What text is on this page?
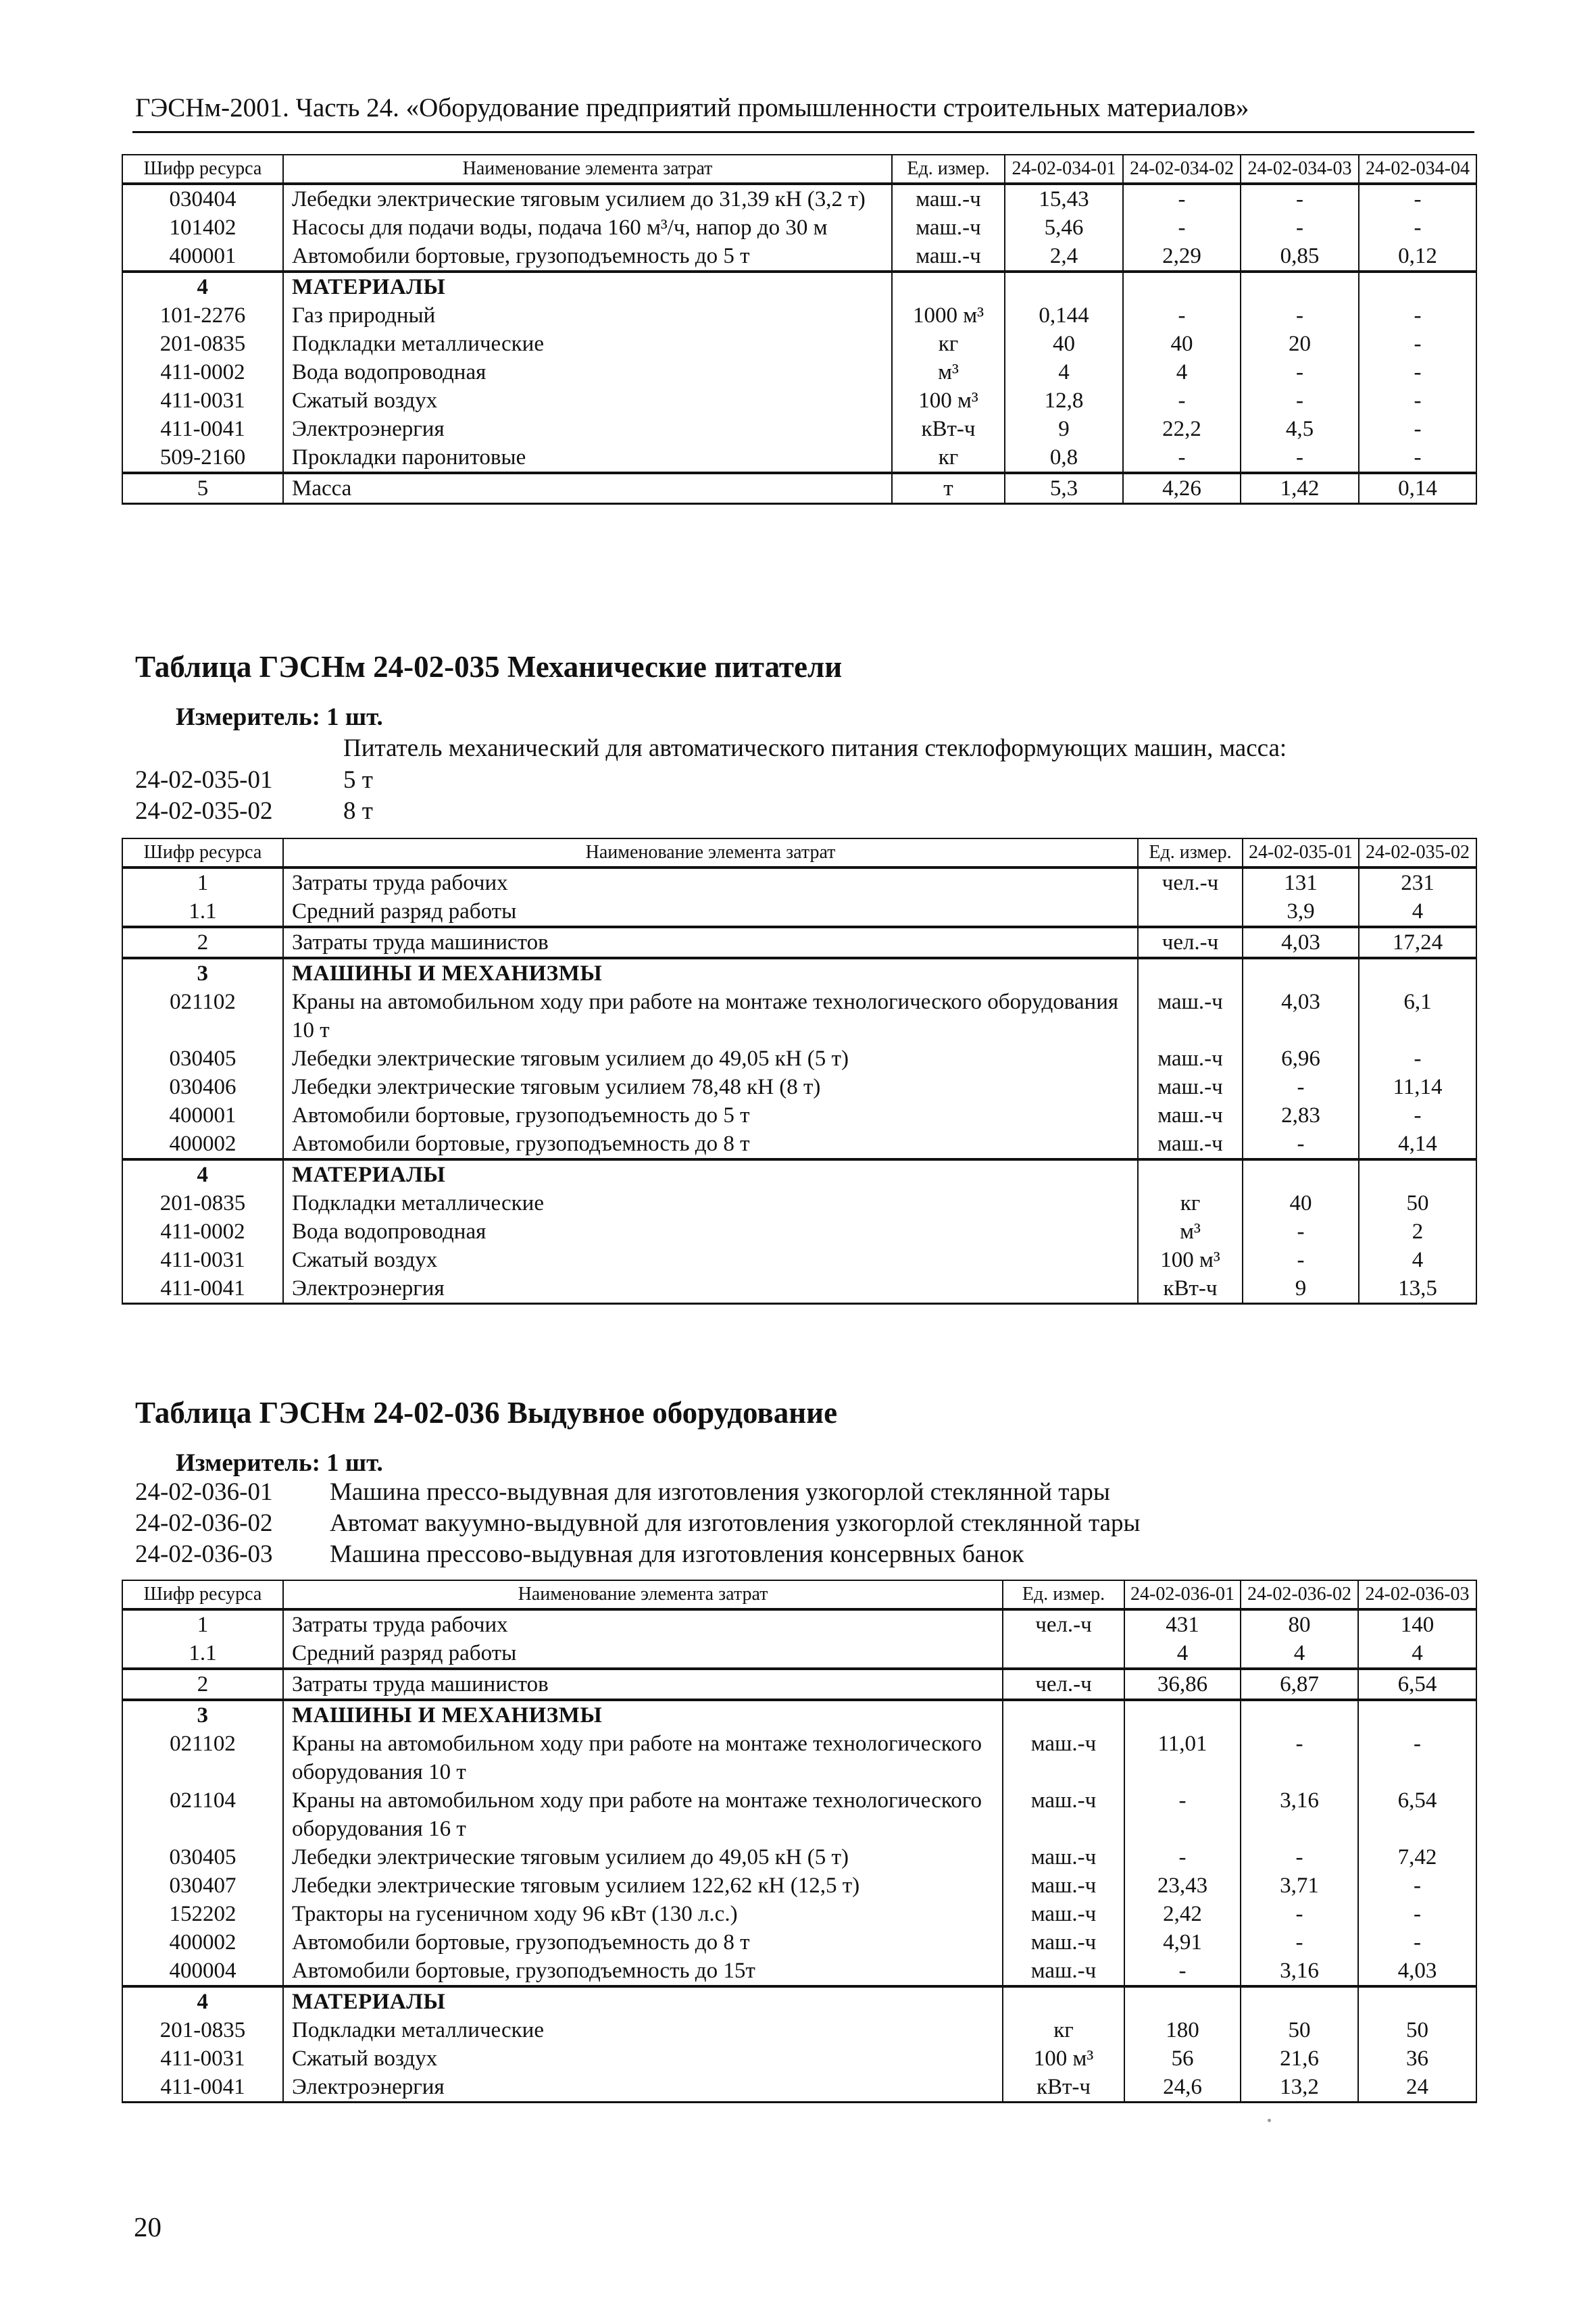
ГЭСНм-2001. Часть 24. «Оборудование предприятий промышленности строительных материалов»
Шифр ресурса	Наименование элемента затрат	Ед. измер.	24-02-034-01	24-02-034-02	24-02-034-03	24-02-034-04
030404	Лебедки электрические тяговым усилием до 31,39 кН (3,2 т)	маш.-ч	15,43	-	-	-
101402	Насосы для подачи воды, подача 160 м³/ч, напор до 30 м	маш.-ч	5,46	-	-	-
400001	Автомобили бортовые, грузоподъемность до 5 т	маш.-ч	2,4	2,29	0,85	0,12
4	МАТЕРИАЛЫ					
101-2276	Газ природный	1000 м³	0,144	-	-	-
201-0835	Подкладки металлические	кг	40	40	20	-
411-0002	Вода водопроводная	м³	4	4	-	-
411-0031	Сжатый воздух	100 м³	12,8	-	-	-
411-0041	Электроэнергия	кВт-ч	9	22,2	4,5	-
509-2160	Прокладки паронитовые	кг	0,8	-	-	-
5	Масса	т	5,3	4,26	1,42	0,14
Таблица ГЭСНм 24-02-035 Механические питатели
Измеритель: 1 шт.
Питатель механический для автоматического питания стеклоформующих машин, масса:
24-02-035-01	5 т
24-02-035-02	8 т
Шифр ресурса	Наименование элемента затрат	Ед. измер.	24-02-035-01	24-02-035-02
1	Затраты труда рабочих	чел.-ч	131	231
1.1	Средний разряд работы		3,9	4
2	Затраты труда машинистов	чел.-ч	4,03	17,24
3	МАШИНЫ И МЕХАНИЗМЫ			
021102	Краны на автомобильном ходу при работе на монтаже технологического оборудования 10 т	маш.-ч	4,03	6,1
030405	Лебедки электрические тяговым усилием до 49,05 кН (5 т)	маш.-ч	6,96	-
030406	Лебедки электрические тяговым усилием 78,48 кН (8 т)	маш.-ч	-	11,14
400001	Автомобили бортовые, грузоподъемность до 5 т	маш.-ч	2,83	-
400002	Автомобили бортовые, грузоподъемность до 8 т	маш.-ч	-	4,14
4	МАТЕРИАЛЫ			
201-0835	Подкладки металлические	кг	40	50
411-0002	Вода водопроводная	м³	-	2
411-0031	Сжатый воздух	100 м³	-	4
411-0041	Электроэнергия	кВт-ч	9	13,5
Таблица ГЭСНм 24-02-036 Выдувное оборудование
Измеритель: 1 шт.
24-02-036-01 Машина прессо-выдувная для изготовления узкогорлой стеклянной тары
24-02-036-02 Автомат вакуумно-выдувной для изготовления узкогорлой стеклянной тары
24-02-036-03 Машина прессово-выдувная для изготовления консервных банок
Шифр ресурса	Наименование элемента затрат	Ед. измер.	24-02-036-01	24-02-036-02	24-02-036-03
1	Затраты труда рабочих	чел.-ч	431	80	140
1.1	Средний разряд работы		4	4	4
2	Затраты труда машинистов	чел.-ч	36,86	6,87	6,54
3	МАШИНЫ И МЕХАНИЗМЫ				
021102	Краны на автомобильном ходу при работе на монтаже технологического оборудования 10 т	маш.-ч	11,01	-	-
021104	Краны на автомобильном ходу при работе на монтаже технологического оборудования 16 т	маш.-ч	-	3,16	6,54
030405	Лебедки электрические тяговым усилием до 49,05 кН (5 т)	маш.-ч	-	-	7,42
030407	Лебедки электрические тяговым усилием 122,62 кН (12,5 т)	маш.-ч	23,43	3,71	-
152202	Тракторы на гусеничном ходу 96 кВт (130 л.с.)	маш.-ч	2,42	-	-
400002	Автомобили бортовые, грузоподъемность до 8 т	маш.-ч	4,91	-	-
400004	Автомобили бортовые, грузоподъемность до 15т	маш.-ч	-	3,16	4,03
4	МАТЕРИАЛЫ				
201-0835	Подкладки металлические	кг	180	50	50
411-0031	Сжатый воздух	100 м³	56	21,6	36
411-0041	Электроэнергия	кВт-ч	24,6	13,2	24
20
